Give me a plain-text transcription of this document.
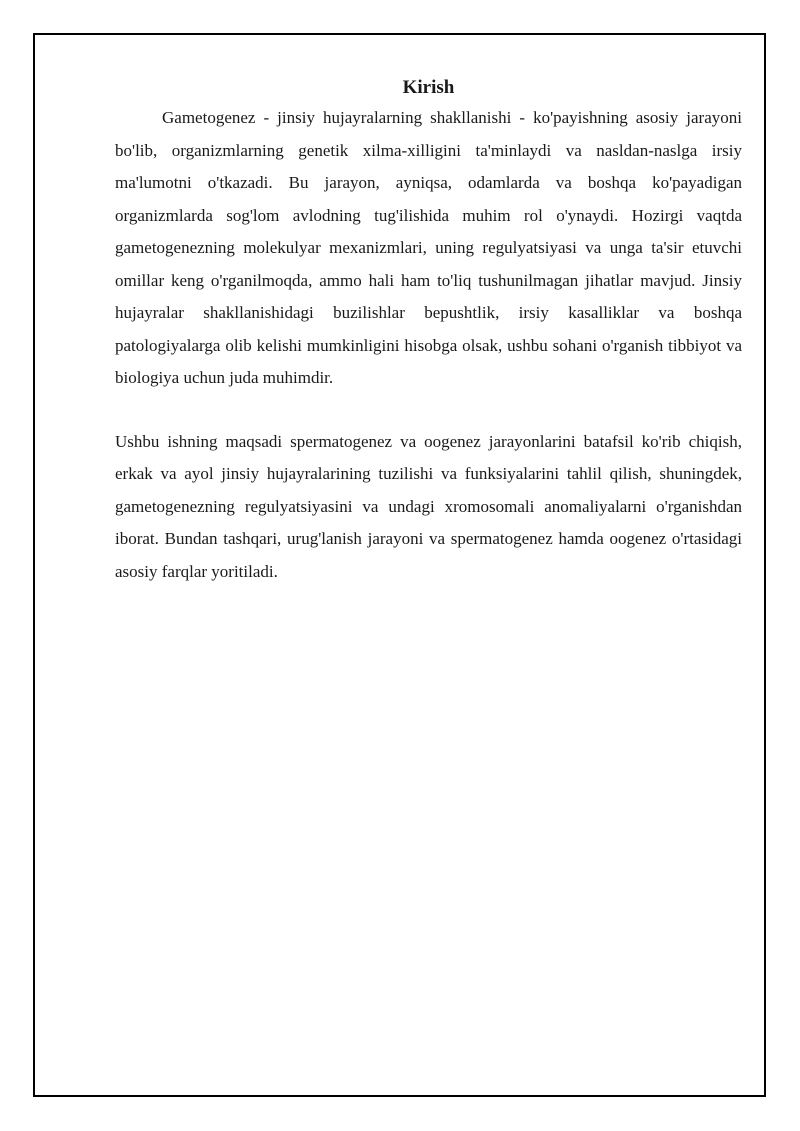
Kirish

Gametogenez - jinsiy hujayralarning shakllanishi - ko'payishning asosiy jarayoni bo'lib, organizmlarning genetik xilma-xilligini ta'minlaydi va nasldan-naslga irsiy ma'lumotni o'tkazadi. Bu jarayon, ayniqsa, odamlarda va boshqa ko'payadigan organizmlarda sog'lom avlodning tug'ilishida muhim rol o'ynaydi. Hozirgi vaqtda gametogenezning molekulyar mexanizmlari, uning regulyatsiyasi va unga ta'sir etuvchi omillar keng o'rganilmoqda, ammo hali ham to'liq tushunilmagan jihatlar mavjud. Jinsiy hujayralar shakllanishidagi buzilishlar bepushtlik, irsiy kasalliklar va boshqa patologiyalarga olib kelishi mumkinligini hisobga olsak, ushbu sohani o'rganish tibbiyot va biologiya uchun juda muhimdir.

Ushbu ishning maqsadi spermatogenez va oogenez jarayonlarini batafsil ko'rib chiqish, erkak va ayol jinsiy hujayralarining tuzilishi va funksiyalarini tahlil qilish, shuningdek, gametogenezning regulyatsiyasini va undagi xromosomali anomaliyalarni o'rganishdan iborat. Bundan tashqari, urug'lanish jarayoni va spermatogenez hamda oogenez o'rtasidagi asosiy farqlar yoritiladi.
